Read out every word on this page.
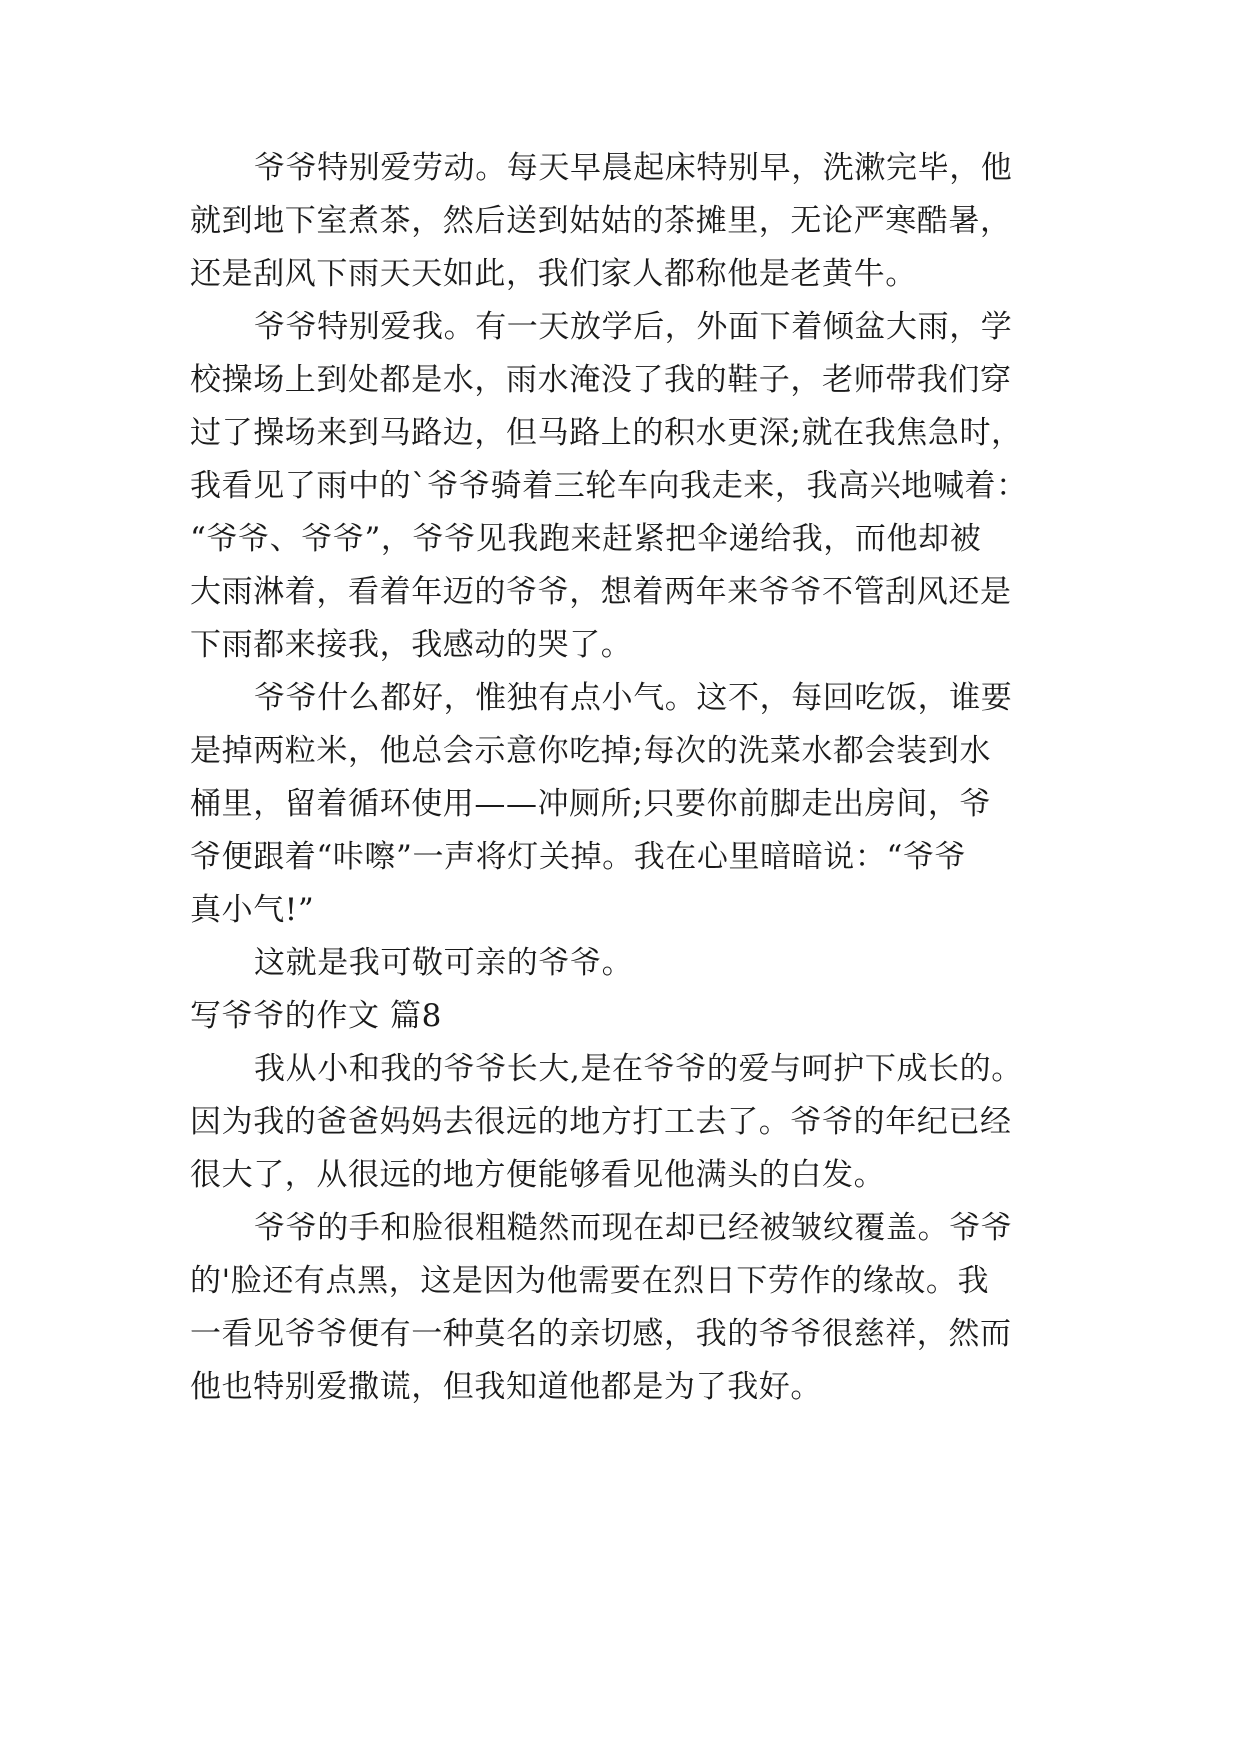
爷爷特别爱劳动。每天早晨起床特别早，洗漱完毕，他
就到地下室煮茶，然后送到姑姑的茶摊里，无论严寒酷暑，
还是刮风下雨天天如此，我们家人都称他是老黄牛。
爷爷特别爱我。有一天放学后，外面下着倾盆大雨，学
校操场上到处都是水，雨水淹没了我的鞋子，老师带我们穿
过了操场来到马路边，但马路上的积水更深;就在我焦急时，
我看见了雨中的`爷爷骑着三轮车向我走来，我高兴地喊着：
“爷爷、爷爷”，爷爷见我跑来赶紧把伞递给我，而他却被
大雨淋着，看着年迈的爷爷，想着两年来爷爷不管刮风还是
下雨都来接我，我感动的哭了。
爷爷什么都好，惟独有点小气。这不，每回吃饭，谁要
是掉两粒米，他总会示意你吃掉;每次的洗菜水都会装到水
桶里，留着循环使用——冲厕所;只要你前脚走出房间，爷
爷便跟着“咔嚓”一声将灯关掉。我在心里暗暗说：“爷爷
真小气!”
这就是我可敬可亲的爷爷。
写爷爷的作文 篇8
我从小和我的爷爷长大,是在爷爷的爱与呵护下成长的。
因为我的爸爸妈妈去很远的地方打工去了。爷爷的年纪已经
很大了，从很远的地方便能够看见他满头的白发。
爷爷的手和脸很粗糙然而现在却已经被皱纹覆盖。爷爷
的'脸还有点黑，这是因为他需要在烈日下劳作的缘故。我
一看见爷爷便有一种莫名的亲切感，我的爷爷很慈祥，然而
他也特别爱撒谎，但我知道他都是为了我好。
